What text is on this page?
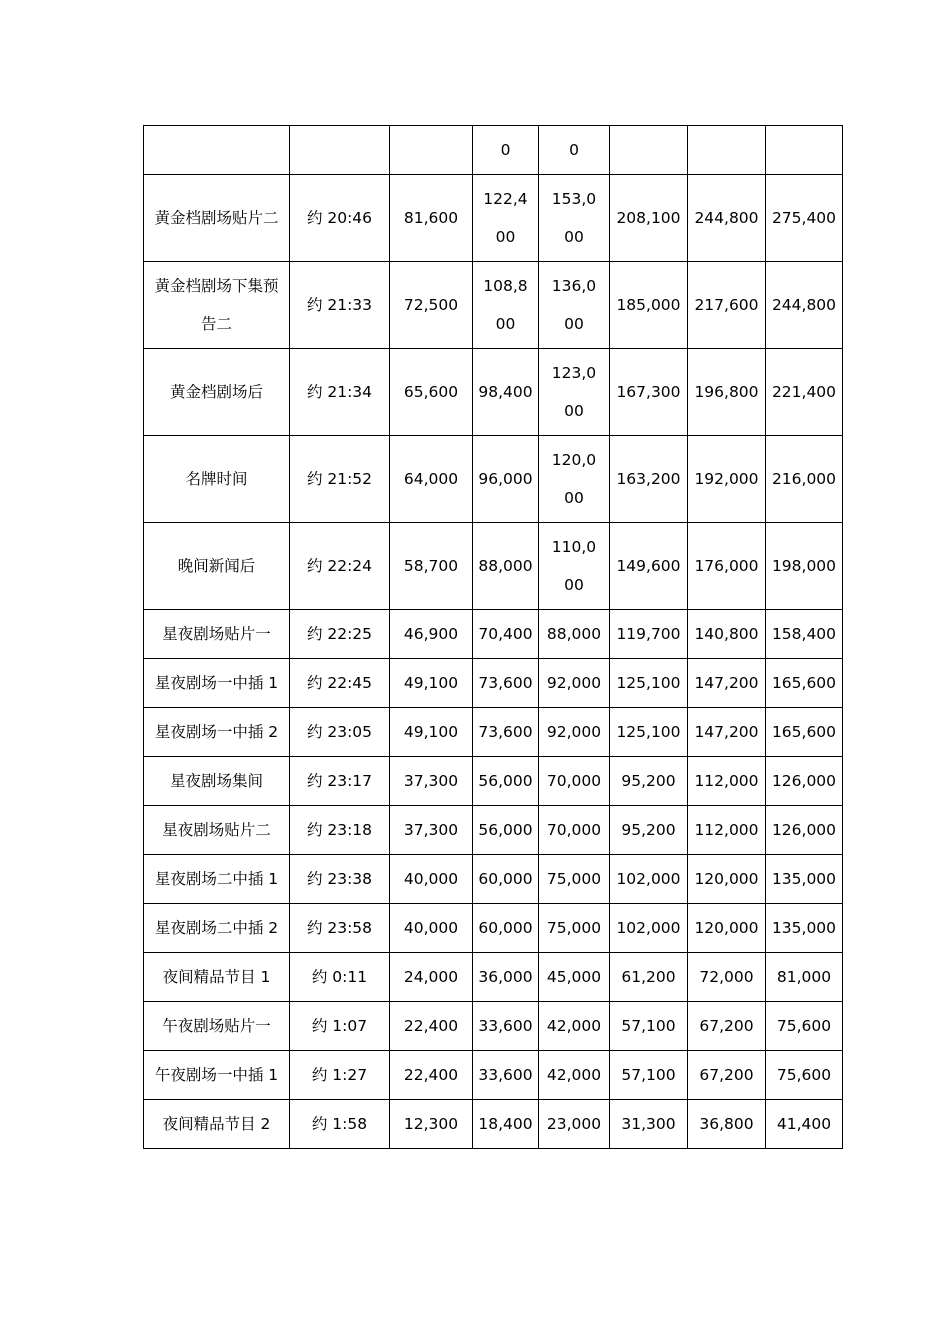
			0	0			
黄金档剧场贴片二	约 20:46	81,600	122,400	153,000	208,100	244,800	275,400
黄金档剧场下集预告二	约 21:33	72,500	108,800	136,000	185,000	217,600	244,800
黄金档剧场后	约 21:34	65,600	98,400	123,000	167,300	196,800	221,400
名牌时间	约 21:52	64,000	96,000	120,000	163,200	192,000	216,000
晚间新闻后	约 22:24	58,700	88,000	110,000	149,600	176,000	198,000
星夜剧场贴片一	约 22:25	46,900	70,400	88,000	119,700	140,800	158,400
星夜剧场一中插 1	约 22:45	49,100	73,600	92,000	125,100	147,200	165,600
星夜剧场一中插 2	约 23:05	49,100	73,600	92,000	125,100	147,200	165,600
星夜剧场集间	约 23:17	37,300	56,000	70,000	95,200	112,000	126,000
星夜剧场贴片二	约 23:18	37,300	56,000	70,000	95,200	112,000	126,000
星夜剧场二中插 1	约 23:38	40,000	60,000	75,000	102,000	120,000	135,000
星夜剧场二中插 2	约 23:58	40,000	60,000	75,000	102,000	120,000	135,000
夜间精品节目 1	约 0:11	24,000	36,000	45,000	61,200	72,000	81,000
午夜剧场贴片一	约 1:07	22,400	33,600	42,000	57,100	67,200	75,600
午夜剧场一中插 1	约 1:27	22,400	33,600	42,000	57,100	67,200	75,600
夜间精品节目 2	约 1:58	12,300	18,400	23,000	31,300	36,800	41,400
